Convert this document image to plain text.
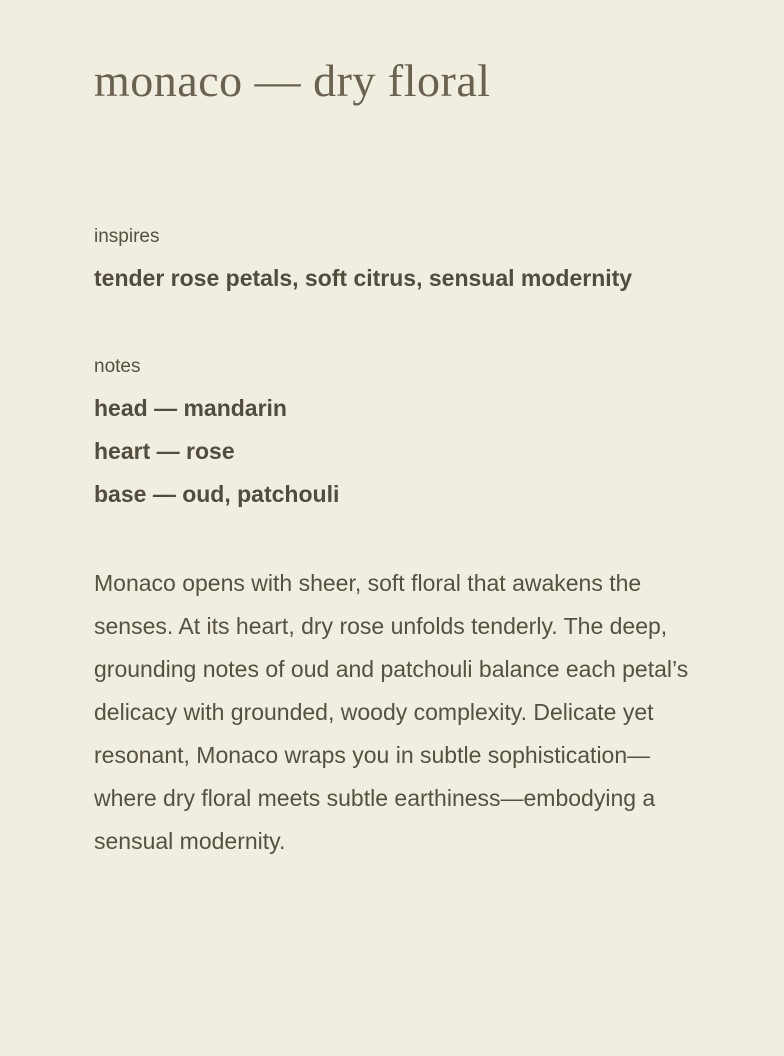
monaco — dry floral

inspires

tender rose petals, soft citrus, sensual modernity

notes

head — mandarin

heart — rose

base — oud, patchouli

Monaco opens with sheer, soft floral that awakens the senses. At its heart, dry rose unfolds tenderly. The deep, grounding notes of oud and patchouli balance each petal’s delicacy with grounded, woody complexity. Delicate yet resonant, Monaco wraps you in subtle sophistication—where dry floral meets subtle earthiness—embodying a sensual modernity.
